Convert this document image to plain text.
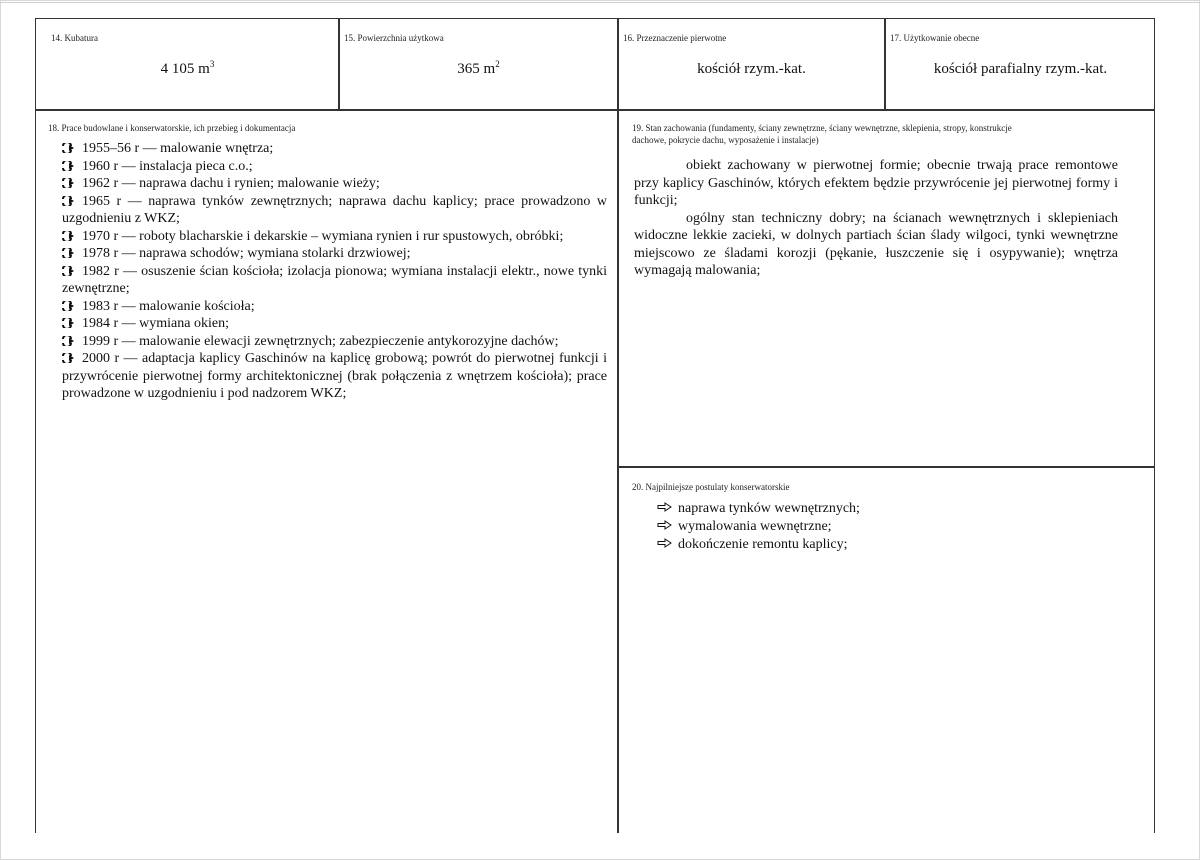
14. Kubatura
4 105 $m^3$
15. Powierzchnia użytkowa
365 $m^2$
16. Przeznaczenie pierwotne
kościół rzym.-kat.
17. Użytkowanie obecne
kościół parafialny rzym.-kat.
18. Prace budowlane i konserwatorskie, ich przebieg i dokumentacja
1955–56 r — malowanie wnętrza;
1960 r — instalacja pieca c.o.;
1962 r — naprawa dachu i rynien; malowanie wieży;
1965 r — naprawa tynków zewnętrznych; naprawa dachu kaplicy; prace prowadzono w uzgodnieniu z WKZ;
1970 r — roboty blacharskie i dekarskie – wymiana rynien i rur spustowych, obróbki;
1978 r — naprawa schodów; wymiana stolarki drzwiowej;
1982 r — osuszenie ścian kościoła; izolacja pionowa; wymiana instalacji elektr., nowe tynki zewnętrzne;
1983 r — malowanie kościoła;
1984 r — wymiana okien;
1999 r — malowanie elewacji zewnętrznych; zabezpieczenie antykorozyjne dachów;
2000 r — adaptacja kaplicy Gaschinów na kaplicę grobową; powrót do pierwotnej funkcji i przywrócenie pierwotnej formy architektonicznej (brak połączenia z wnętrzem kościoła); prace prowadzone w uzgodnieniu i pod nadzorem WKZ;
19. Stan zachowania (fundamenty, ściany zewnętrzne, ściany wewnętrzne, sklepienia, stropy, konstrukcje
dachowe, pokrycie dachu, wyposażenie i instalacje)

obiekt zachowany w pierwotnej formie; obecnie trwają prace remontowe przy kaplicy Gaschinów, których efektem będzie przywrócenie jej pierwotnej formy i funkcji;

ogólny stan techniczny dobry; na ścianach wewnętrznych i sklepieniach widoczne lekkie zacieki, w dolnych partiach ścian ślady wilgoci, tynki wewnętrzne miejscowo ze śladami korozji (pękanie, łuszczenie się i osypywanie); wnętrza wymagają malowania;

20. Najpilniejsze postulaty konserwatorskie
naprawa tynków wewnętrznych;
wymalowania wewnętrzne;
dokończenie remontu kaplicy;
